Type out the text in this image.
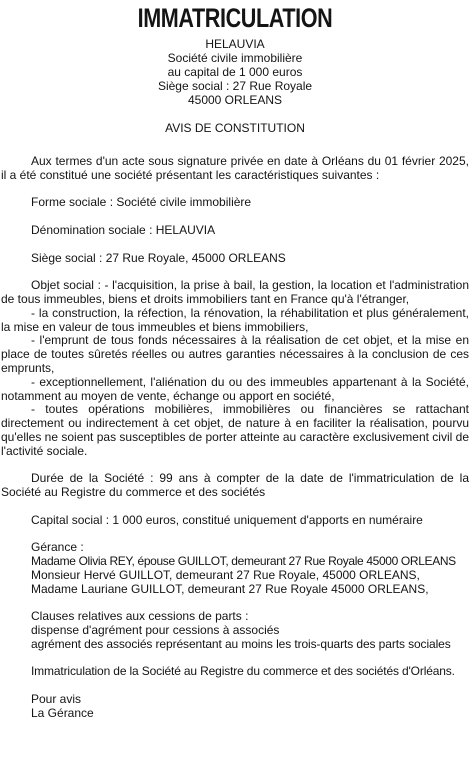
IMMATRICULATION
HELAUVIA
Société civile immobilière
au capital de 1 000 euros
Siège social : 27 Rue Royale
45000 ORLEANS
AVIS DE CONSTITUTION
Aux termes d'un acte sous signature privée en date à Orléans du 01 février 2025, il a été constitué une société présentant les caractéristiques suivantes :
Forme sociale : Société civile immobilière
Dénomination sociale : HELAUVIA
Siège social : 27 Rue Royale, 45000 ORLEANS
Objet social : - l'acquisition, la prise à bail, la gestion, la location et l'administration de tous immeubles, biens et droits immobiliers tant en France qu'à l'étranger,
- la construction, la réfection, la rénovation, la réhabilitation et plus généralement, la mise en valeur de tous immeubles et biens immobiliers,
- l'emprunt de tous fonds nécessaires à la réalisation de cet objet, et la mise en place de toutes sûretés réelles ou autres garanties nécessaires à la conclusion de ces emprunts,
- exceptionnellement, l'aliénation du ou des immeubles appartenant à la Société, notamment au moyen de vente, échange ou apport en société,
- toutes opérations mobilières, immobilières ou financières se rattachant directement ou indirectement à cet objet, de nature à en faciliter la réalisation, pourvu qu'elles ne soient pas susceptibles de porter atteinte au caractère exclusivement civil de l'activité sociale.
Durée de la Société : 99 ans à compter de la date de l'immatriculation de la Société au Registre du commerce et des sociétés
Capital social : 1 000 euros, constitué uniquement d'apports en numéraire
Gérance :
Madame Olivia REY, épouse GUILLOT, demeurant 27 Rue Royale 45000 ORLEANS
Monsieur Hervé GUILLOT, demeurant 27 Rue Royale, 45000 ORLEANS,
Madame Lauriane GUILLOT, demeurant 27 Rue Royale 45000 ORLEANS,
Clauses relatives aux cessions de parts :
dispense d'agrément pour cessions à associés
agrément des associés représentant au moins les trois-quarts des parts sociales
Immatriculation de la Société au Registre du commerce et des sociétés d'Orléans.
Pour avis
La Gérance
